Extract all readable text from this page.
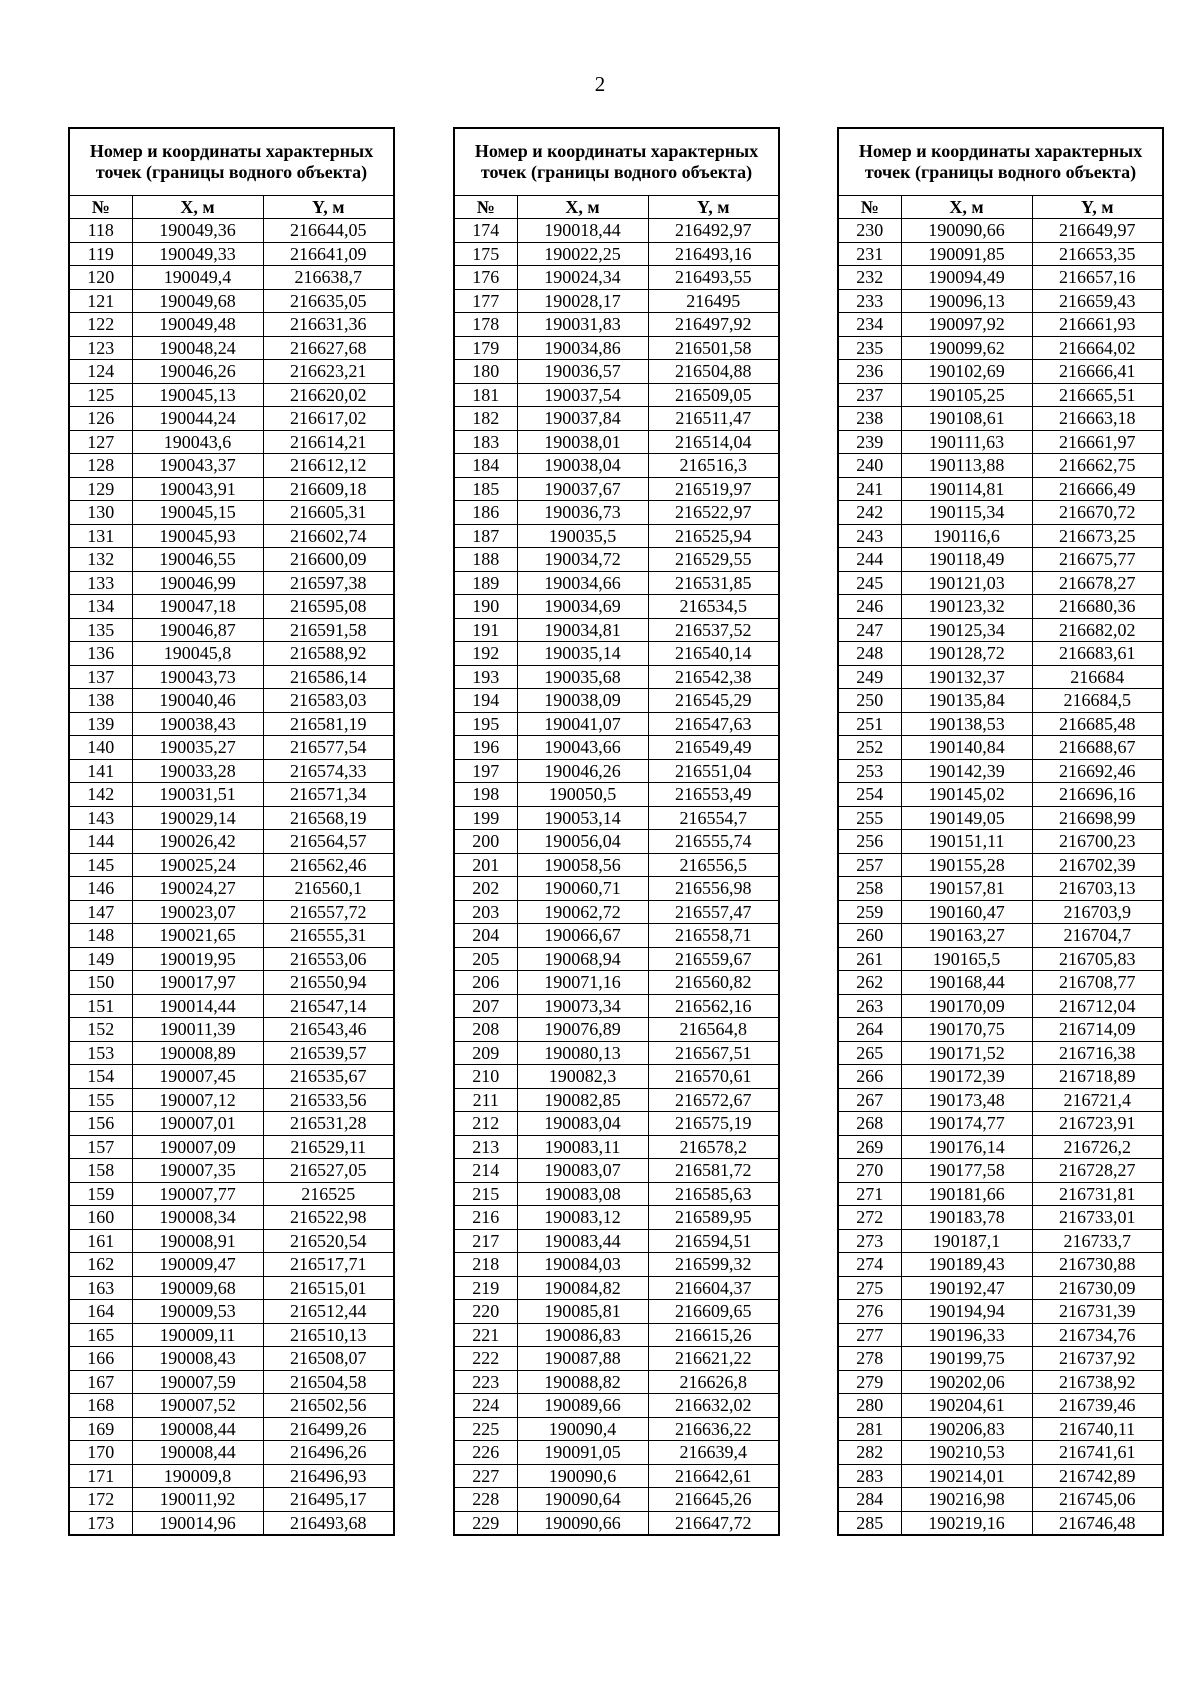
2
Номер и координаты характерных точек (границы водного объекта)		
№	X, м	Y, м
118	190049,36	216644,05
119	190049,33	216641,09
120	190049,4	216638,7
121	190049,68	216635,05
122	190049,48	216631,36
123	190048,24	216627,68
124	190046,26	216623,21
125	190045,13	216620,02
126	190044,24	216617,02
127	190043,6	216614,21
128	190043,37	216612,12
129	190043,91	216609,18
130	190045,15	216605,31
131	190045,93	216602,74
132	190046,55	216600,09
133	190046,99	216597,38
134	190047,18	216595,08
135	190046,87	216591,58
136	190045,8	216588,92
137	190043,73	216586,14
138	190040,46	216583,03
139	190038,43	216581,19
140	190035,27	216577,54
141	190033,28	216574,33
142	190031,51	216571,34
143	190029,14	216568,19
144	190026,42	216564,57
145	190025,24	216562,46
146	190024,27	216560,1
147	190023,07	216557,72
148	190021,65	216555,31
149	190019,95	216553,06
150	190017,97	216550,94
151	190014,44	216547,14
152	190011,39	216543,46
153	190008,89	216539,57
154	190007,45	216535,67
155	190007,12	216533,56
156	190007,01	216531,28
157	190007,09	216529,11
158	190007,35	216527,05
159	190007,77	216525
160	190008,34	216522,98
161	190008,91	216520,54
162	190009,47	216517,71
163	190009,68	216515,01
164	190009,53	216512,44
165	190009,11	216510,13
166	190008,43	216508,07
167	190007,59	216504,58
168	190007,52	216502,56
169	190008,44	216499,26
170	190008,44	216496,26
171	190009,8	216496,93
172	190011,92	216495,17
173	190014,96	216493,68
Номер и координаты характерных точек (границы водного объекта)		
№	X, м	Y, м
174	190018,44	216492,97
175	190022,25	216493,16
176	190024,34	216493,55
177	190028,17	216495
178	190031,83	216497,92
179	190034,86	216501,58
180	190036,57	216504,88
181	190037,54	216509,05
182	190037,84	216511,47
183	190038,01	216514,04
184	190038,04	216516,3
185	190037,67	216519,97
186	190036,73	216522,97
187	190035,5	216525,94
188	190034,72	216529,55
189	190034,66	216531,85
190	190034,69	216534,5
191	190034,81	216537,52
192	190035,14	216540,14
193	190035,68	216542,38
194	190038,09	216545,29
195	190041,07	216547,63
196	190043,66	216549,49
197	190046,26	216551,04
198	190050,5	216553,49
199	190053,14	216554,7
200	190056,04	216555,74
201	190058,56	216556,5
202	190060,71	216556,98
203	190062,72	216557,47
204	190066,67	216558,71
205	190068,94	216559,67
206	190071,16	216560,82
207	190073,34	216562,16
208	190076,89	216564,8
209	190080,13	216567,51
210	190082,3	216570,61
211	190082,85	216572,67
212	190083,04	216575,19
213	190083,11	216578,2
214	190083,07	216581,72
215	190083,08	216585,63
216	190083,12	216589,95
217	190083,44	216594,51
218	190084,03	216599,32
219	190084,82	216604,37
220	190085,81	216609,65
221	190086,83	216615,26
222	190087,88	216621,22
223	190088,82	216626,8
224	190089,66	216632,02
225	190090,4	216636,22
226	190091,05	216639,4
227	190090,6	216642,61
228	190090,64	216645,26
229	190090,66	216647,72
Номер и координаты характерных точек (границы водного объекта)		
№	X, м	Y, м
230	190090,66	216649,97
231	190091,85	216653,35
232	190094,49	216657,16
233	190096,13	216659,43
234	190097,92	216661,93
235	190099,62	216664,02
236	190102,69	216666,41
237	190105,25	216665,51
238	190108,61	216663,18
239	190111,63	216661,97
240	190113,88	216662,75
241	190114,81	216666,49
242	190115,34	216670,72
243	190116,6	216673,25
244	190118,49	216675,77
245	190121,03	216678,27
246	190123,32	216680,36
247	190125,34	216682,02
248	190128,72	216683,61
249	190132,37	216684
250	190135,84	216684,5
251	190138,53	216685,48
252	190140,84	216688,67
253	190142,39	216692,46
254	190145,02	216696,16
255	190149,05	216698,99
256	190151,11	216700,23
257	190155,28	216702,39
258	190157,81	216703,13
259	190160,47	216703,9
260	190163,27	216704,7
261	190165,5	216705,83
262	190168,44	216708,77
263	190170,09	216712,04
264	190170,75	216714,09
265	190171,52	216716,38
266	190172,39	216718,89
267	190173,48	216721,4
268	190174,77	216723,91
269	190176,14	216726,2
270	190177,58	216728,27
271	190181,66	216731,81
272	190183,78	216733,01
273	190187,1	216733,7
274	190189,43	216730,88
275	190192,47	216730,09
276	190194,94	216731,39
277	190196,33	216734,76
278	190199,75	216737,92
279	190202,06	216738,92
280	190204,61	216739,46
281	190206,83	216740,11
282	190210,53	216741,61
283	190214,01	216742,89
284	190216,98	216745,06
285	190219,16	216746,48
